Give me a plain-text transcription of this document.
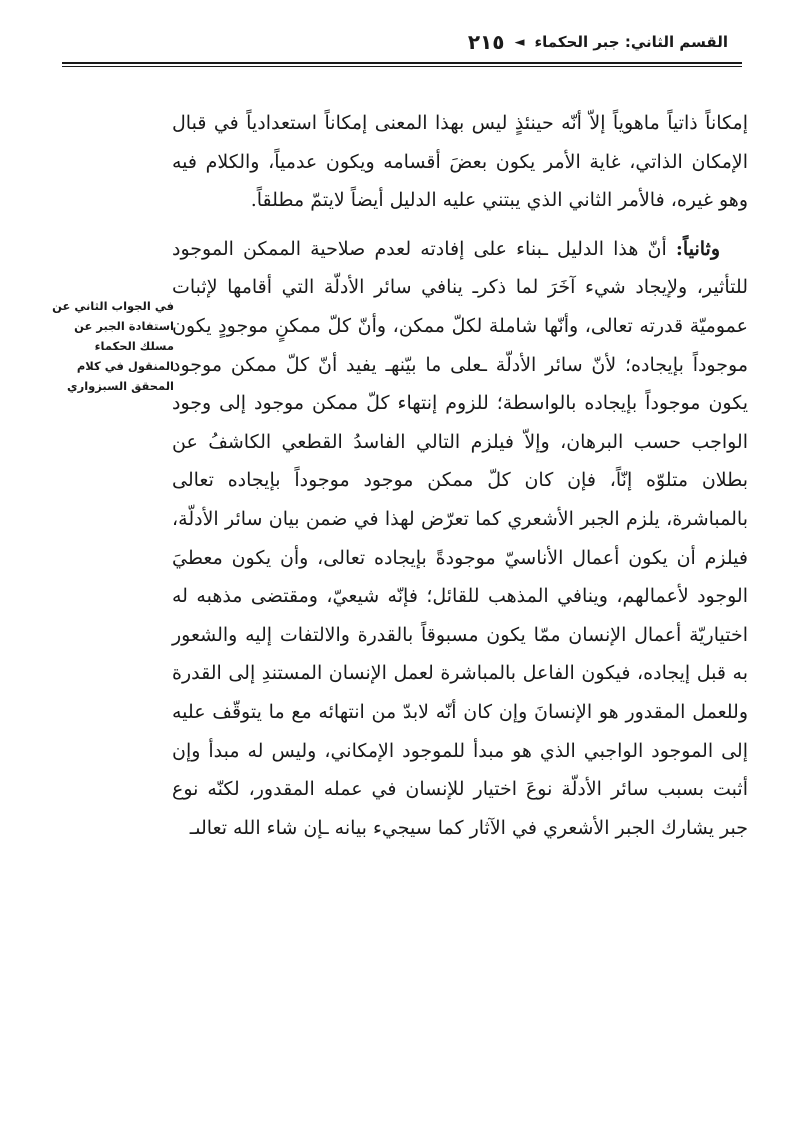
القسم الثاني: جبر الحكماء
◄
٢١٥

إمكاناً ذاتياً ماهوياً إلاّ أنّه حينئذٍ ليس بهذا المعنى إمكاناً استعدادياً في قبال الإمكان الذاتي، غاية الأمر يكون بعضَ أقسامه ويكون عدمياً، والكلام فيه وهو غيره، فالأمر الثاني الذي يبتني عليه الدليل أيضاً لايتمّ مطلقاً.

وثانياً: أنّ هذا الدليل ـبناء على إفادته لعدم صلاحية الممكن الموجود للتأثير، ولإيجاد شيء آخَرَ لما ذكرـ ينافي سائر الأدلّة التي أقامها لإثبات عموميّة قدرته تعالى، وأنّها شاملة لكلّ ممكن، وأنّ كلّ ممكنٍ موجودٍ يكون موجوداً بإيجاده؛ لأنّ سائر الأدلّة ـعلى ما بيّنهـ يفيد أنّ كلّ ممكن موجود يكون موجوداً بإيجاده بالواسطة؛ للزوم إنتهاء كلّ ممكن موجود إلى وجود الواجب حسب البرهان، وإلاّ فيلزم التالي الفاسدُ القطعي الكاشفُ عن بطلان متلوّه إنّاً، فإن كان كلّ ممكن موجود موجوداً بإيجاده تعالى بالمباشرة، يلزم الجبر الأشعري كما تعرّض لهذا في ضمن بيان سائر الأدلّة، فيلزم أن يكون أعمال الأناسيّ موجودةً بإيجاده تعالى، وأن يكون معطيَ الوجود لأعمالهم، وينافي المذهب للقائل؛ فإنّه شيعيّ، ومقتضى مذهبه له اختياريّة أعمال الإنسان ممّا يكون مسبوقاً بالقدرة والالتفات إليه والشعور به قبل إيجاده، فيكون الفاعل بالمباشرة لعمل الإنسان المستندِ إلى القدرة وللعمل المقدور هو الإنسانَ وإن كان أنّه لابدّ من انتهائه مع ما يتوقّف عليه إلى الموجود الواجبي الذي هو مبدأ للموجود الإمكاني، وليس له مبدأ وإن أثبت بسبب سائر الأدلّة نوعَ اختيار للإنسان في عمله المقدور، لكنّه نوع جبر يشارك الجبر الأشعري في الآثار كما سيجيء بيانه ـإن شاء الله تعالىـ

في الجواب الثاني عن استفادة الجبر عن مسلك الحكماء المنقول في كلام المحقق السبزواري
